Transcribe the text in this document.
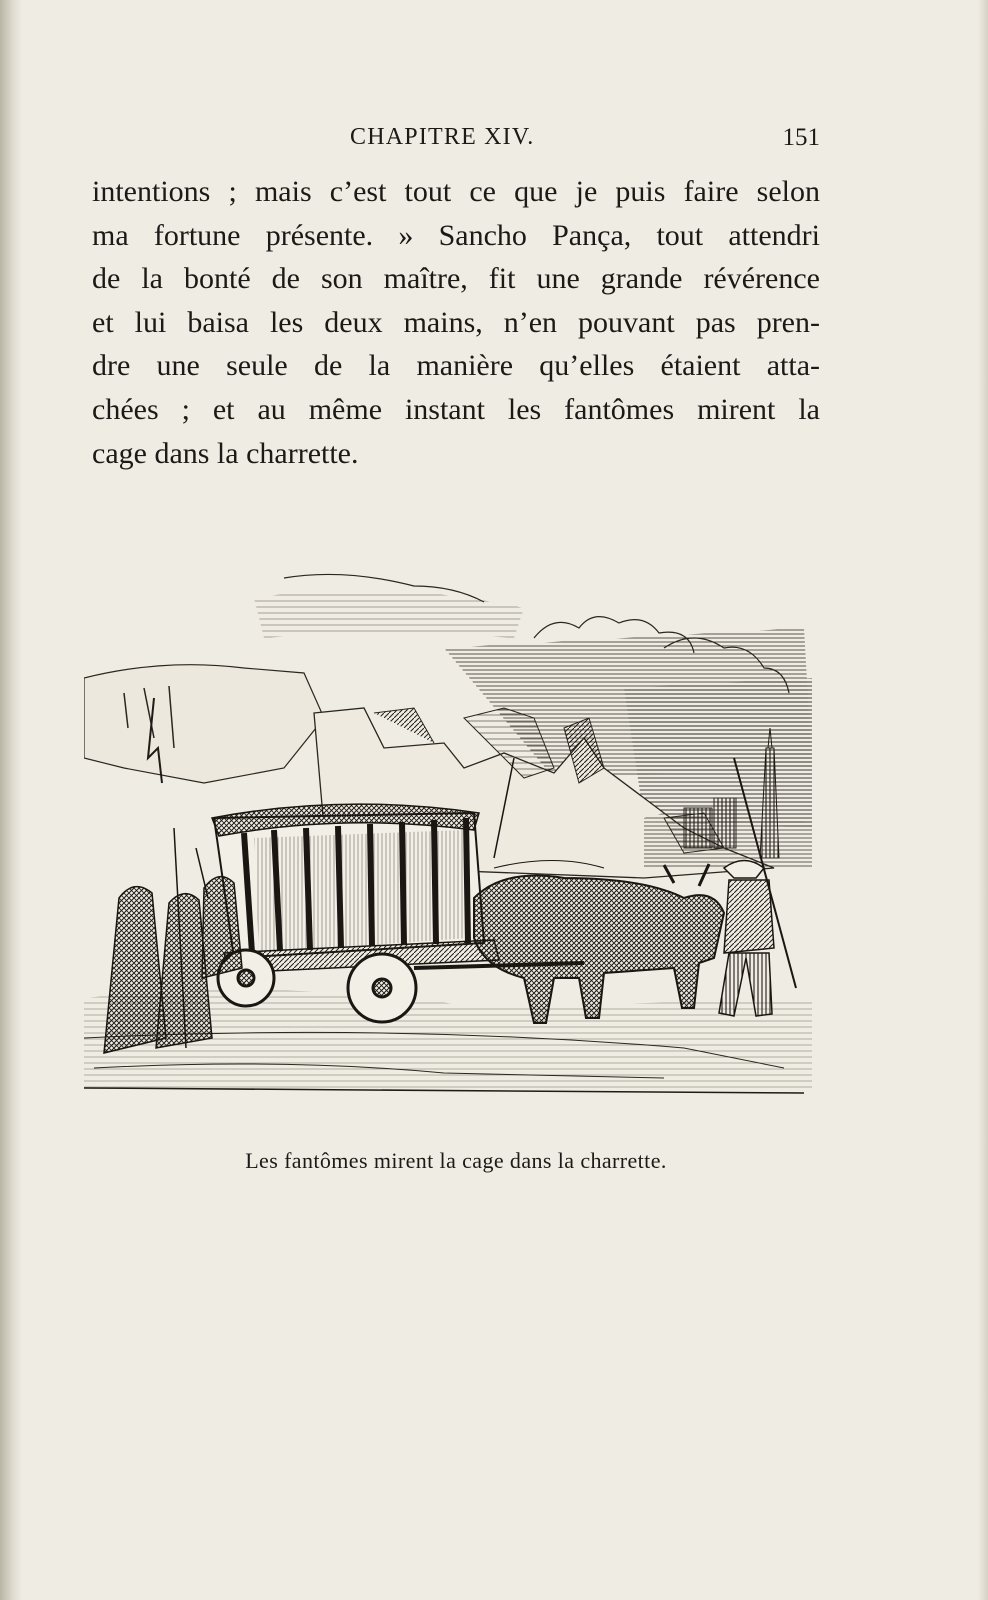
CHAPITRE XIV.	151
intentions ; mais c’est tout ce que je puis faire selon
ma fortune présente. » Sancho Pança, tout attendri
de la bonté de son maître, fit une grande révérence
et lui baisa les deux mains, n’en pouvant pas pren-
dre une seule de la manière qu’elles étaient atta-
chées ; et au même instant les fantômes mirent la
cage dans la charrette.
Les fantômes mirent la cage dans la charrette.
